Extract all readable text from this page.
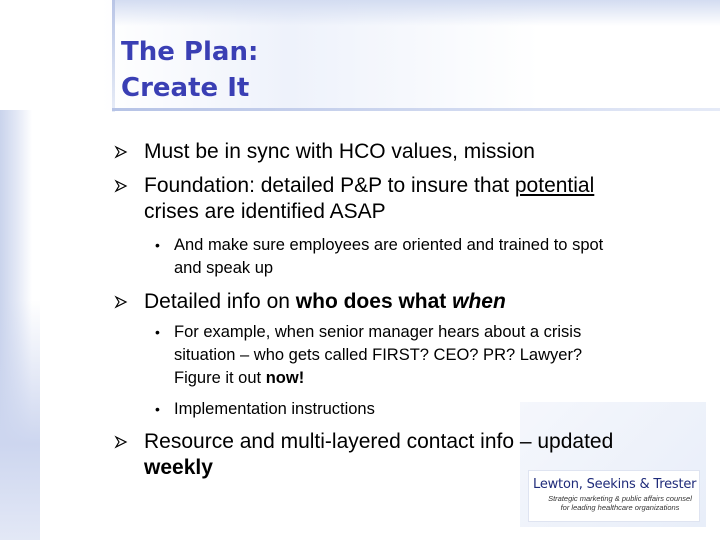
The Plan:
Create It
Must be in sync with HCO values, mission
Foundation: detailed P&P to insure that potential
crises are identified ASAP
• And make sure employees are oriented and trained to spot
and speak up
Detailed info on who does what when
• For example, when senior manager hears about a crisis
situation – who gets called FIRST? CEO? PR? Lawyer?
Figure it out now!
• Implementation instructions
Lewton, Seekins & Trester
Strategic marketing & public affairs counsel for leading healthcare organizations
Resource and multi-layered contact info – updated
weekly
